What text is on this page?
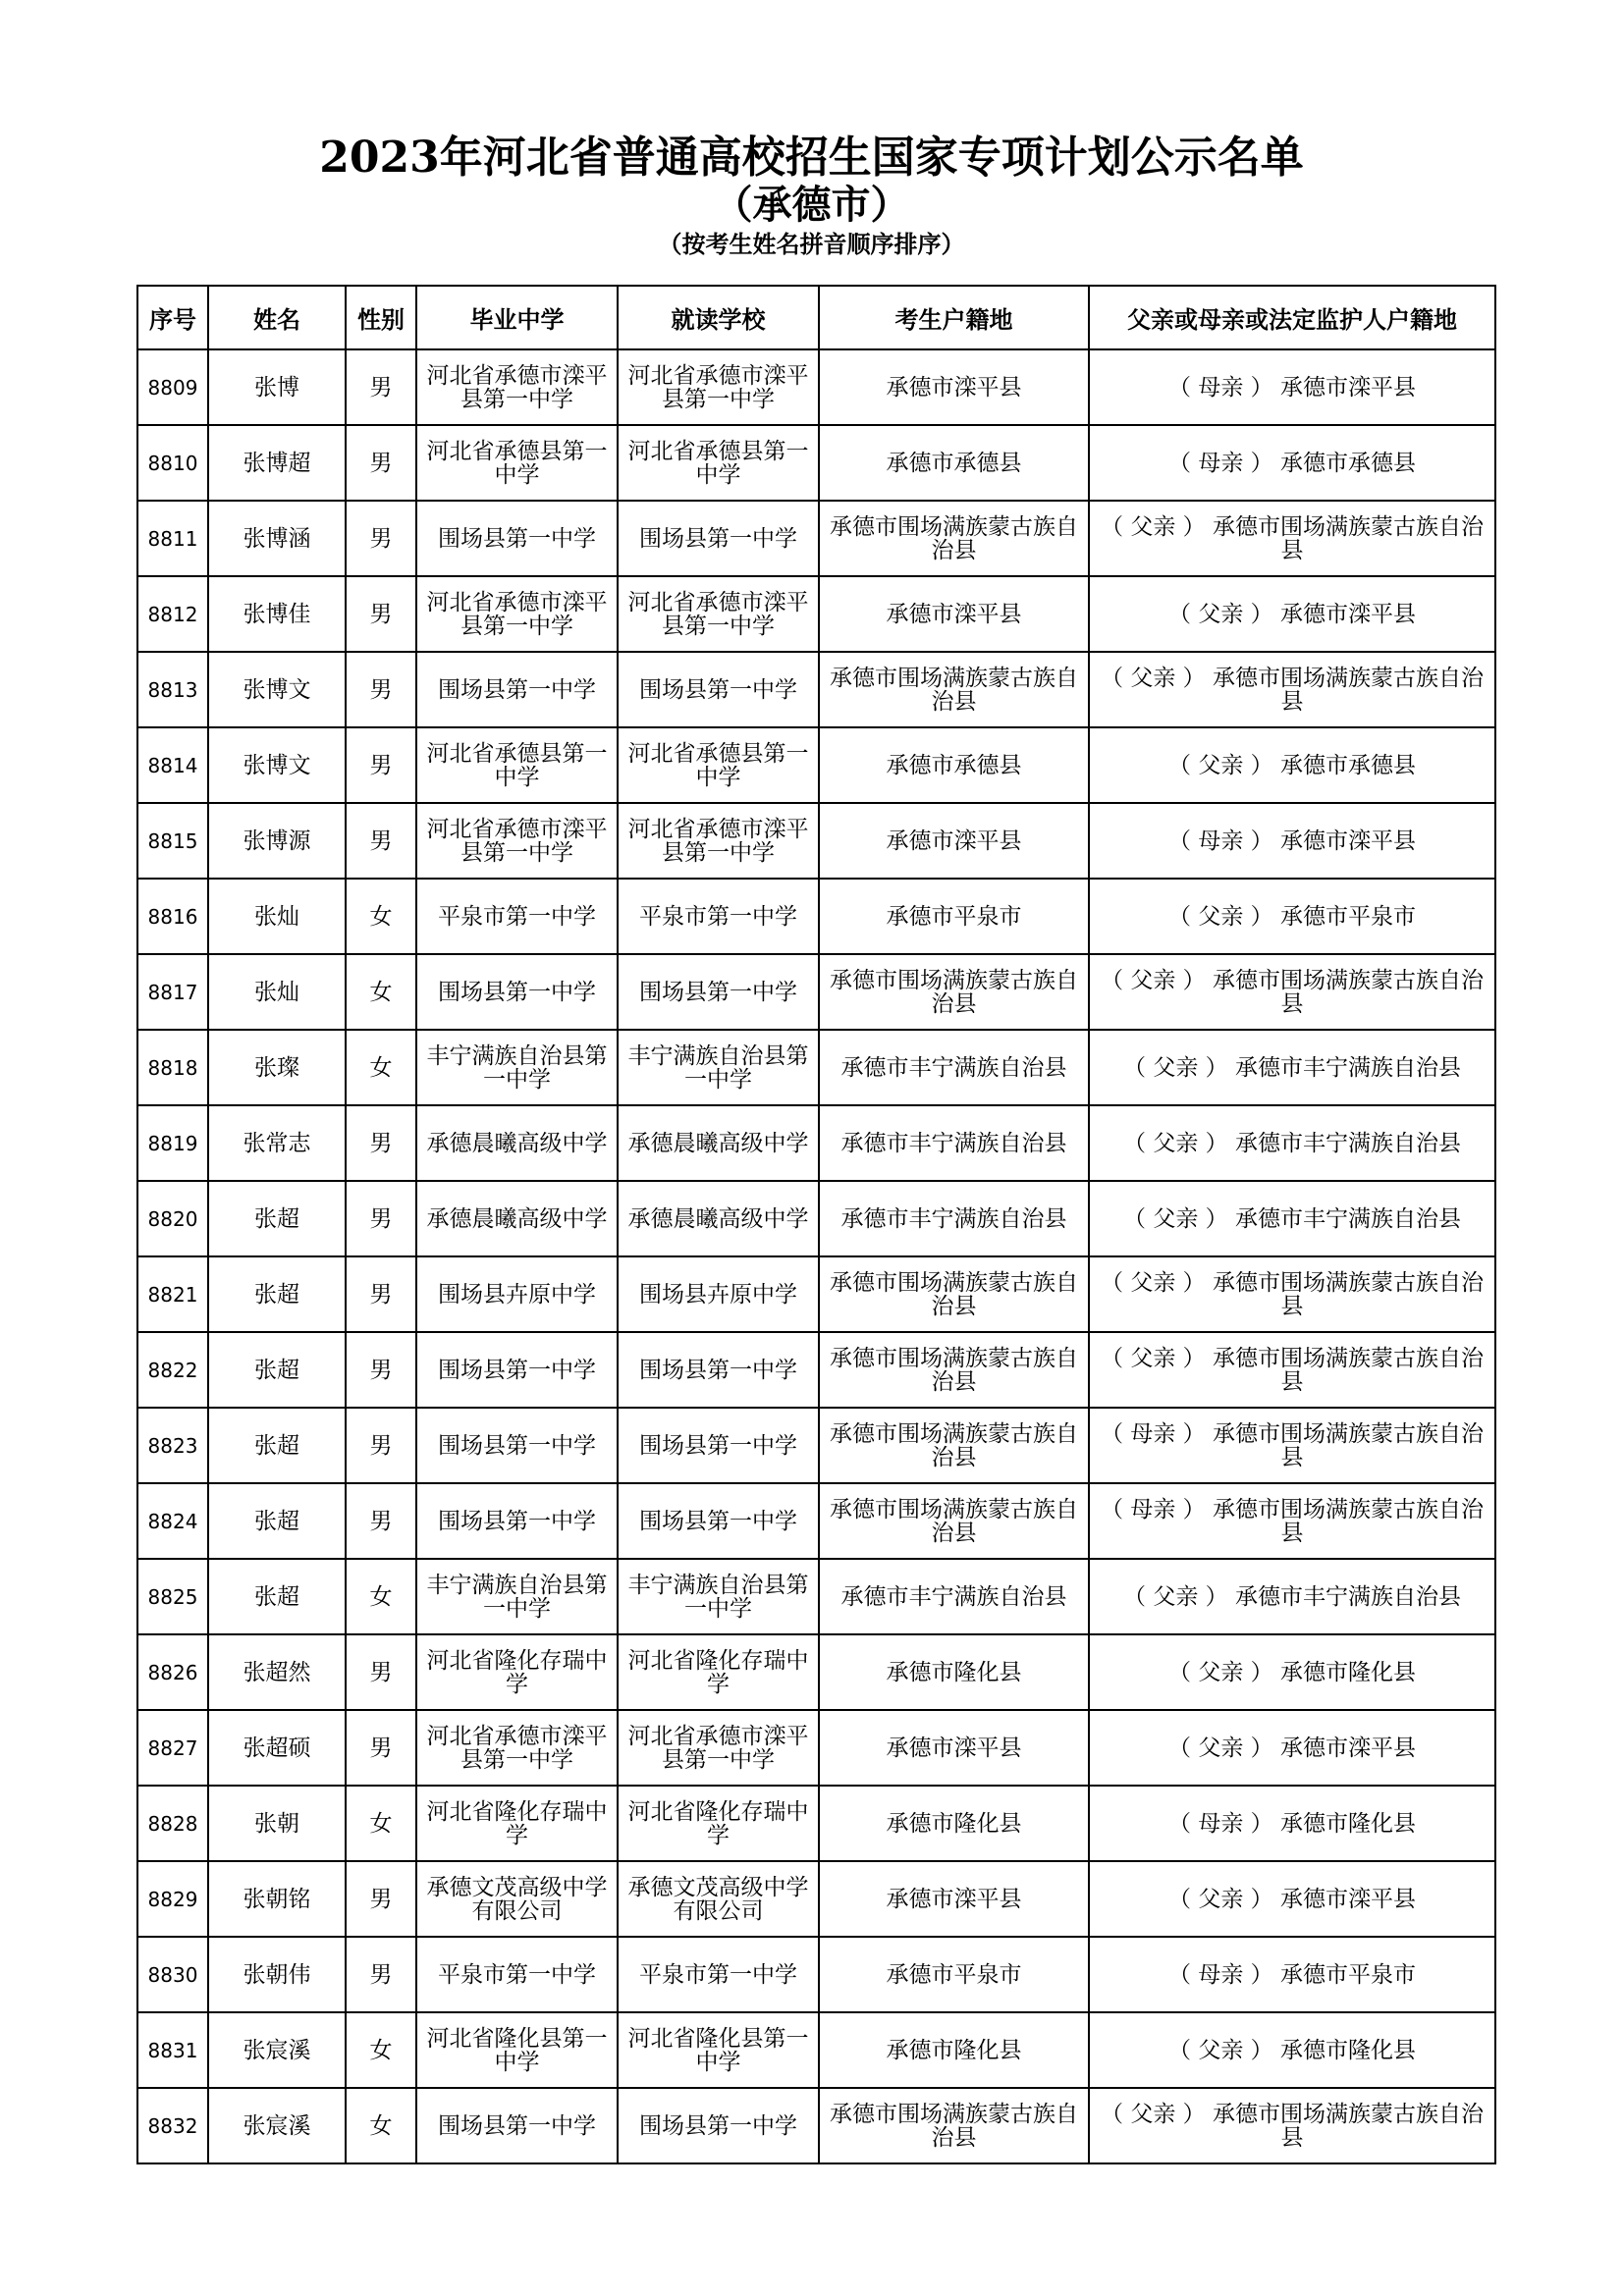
2023年河北省普通高校招生国家专项计划公示名单
（承德市）
（按考生姓名拼音顺序排序）
序号	姓名	性别	毕业中学	就读学校	考生户籍地	父亲或母亲或法定监护人户籍地
8809	张博	男	河北省承德市滦平县第一中学	河北省承德市滦平县第一中学	承德市滦平县	（ 母亲 ） 承德市滦平县
8810	张博超	男	河北省承德县第一中学	河北省承德县第一中学	承德市承德县	（ 母亲 ） 承德市承德县
8811	张博涵	男	围场县第一中学	围场县第一中学	承德市围场满族蒙古族自治县	（ 父亲 ） 承德市围场满族蒙古族自治县
8812	张博佳	男	河北省承德市滦平县第一中学	河北省承德市滦平县第一中学	承德市滦平县	（ 父亲 ） 承德市滦平县
8813	张博文	男	围场县第一中学	围场县第一中学	承德市围场满族蒙古族自治县	（ 父亲 ） 承德市围场满族蒙古族自治县
8814	张博文	男	河北省承德县第一中学	河北省承德县第一中学	承德市承德县	（ 父亲 ） 承德市承德县
8815	张博源	男	河北省承德市滦平县第一中学	河北省承德市滦平县第一中学	承德市滦平县	（ 母亲 ） 承德市滦平县
8816	张灿	女	平泉市第一中学	平泉市第一中学	承德市平泉市	（ 父亲 ） 承德市平泉市
8817	张灿	女	围场县第一中学	围场县第一中学	承德市围场满族蒙古族自治县	（ 父亲 ） 承德市围场满族蒙古族自治县
8818	张璨	女	丰宁满族自治县第一中学	丰宁满族自治县第一中学	承德市丰宁满族自治县	（ 父亲 ） 承德市丰宁满族自治县
8819	张常志	男	承德晨曦高级中学	承德晨曦高级中学	承德市丰宁满族自治县	（ 父亲 ） 承德市丰宁满族自治县
8820	张超	男	承德晨曦高级中学	承德晨曦高级中学	承德市丰宁满族自治县	（ 父亲 ） 承德市丰宁满族自治县
8821	张超	男	围场县卉原中学	围场县卉原中学	承德市围场满族蒙古族自治县	（ 父亲 ） 承德市围场满族蒙古族自治县
8822	张超	男	围场县第一中学	围场县第一中学	承德市围场满族蒙古族自治县	（ 父亲 ） 承德市围场满族蒙古族自治县
8823	张超	男	围场县第一中学	围场县第一中学	承德市围场满族蒙古族自治县	（ 母亲 ） 承德市围场满族蒙古族自治县
8824	张超	男	围场县第一中学	围场县第一中学	承德市围场满族蒙古族自治县	（ 母亲 ） 承德市围场满族蒙古族自治县
8825	张超	女	丰宁满族自治县第一中学	丰宁满族自治县第一中学	承德市丰宁满族自治县	（ 父亲 ） 承德市丰宁满族自治县
8826	张超然	男	河北省隆化存瑞中学	河北省隆化存瑞中学	承德市隆化县	（ 父亲 ） 承德市隆化县
8827	张超硕	男	河北省承德市滦平县第一中学	河北省承德市滦平县第一中学	承德市滦平县	（ 父亲 ） 承德市滦平县
8828	张朝	女	河北省隆化存瑞中学	河北省隆化存瑞中学	承德市隆化县	（ 母亲 ） 承德市隆化县
8829	张朝铭	男	承德文茂高级中学有限公司	承德文茂高级中学有限公司	承德市滦平县	（ 父亲 ） 承德市滦平县
8830	张朝伟	男	平泉市第一中学	平泉市第一中学	承德市平泉市	（ 母亲 ） 承德市平泉市
8831	张宸溪	女	河北省隆化县第一中学	河北省隆化县第一中学	承德市隆化县	（ 父亲 ） 承德市隆化县
8832	张宸溪	女	围场县第一中学	围场县第一中学	承德市围场满族蒙古族自治县	（ 父亲 ） 承德市围场满族蒙古族自治县
